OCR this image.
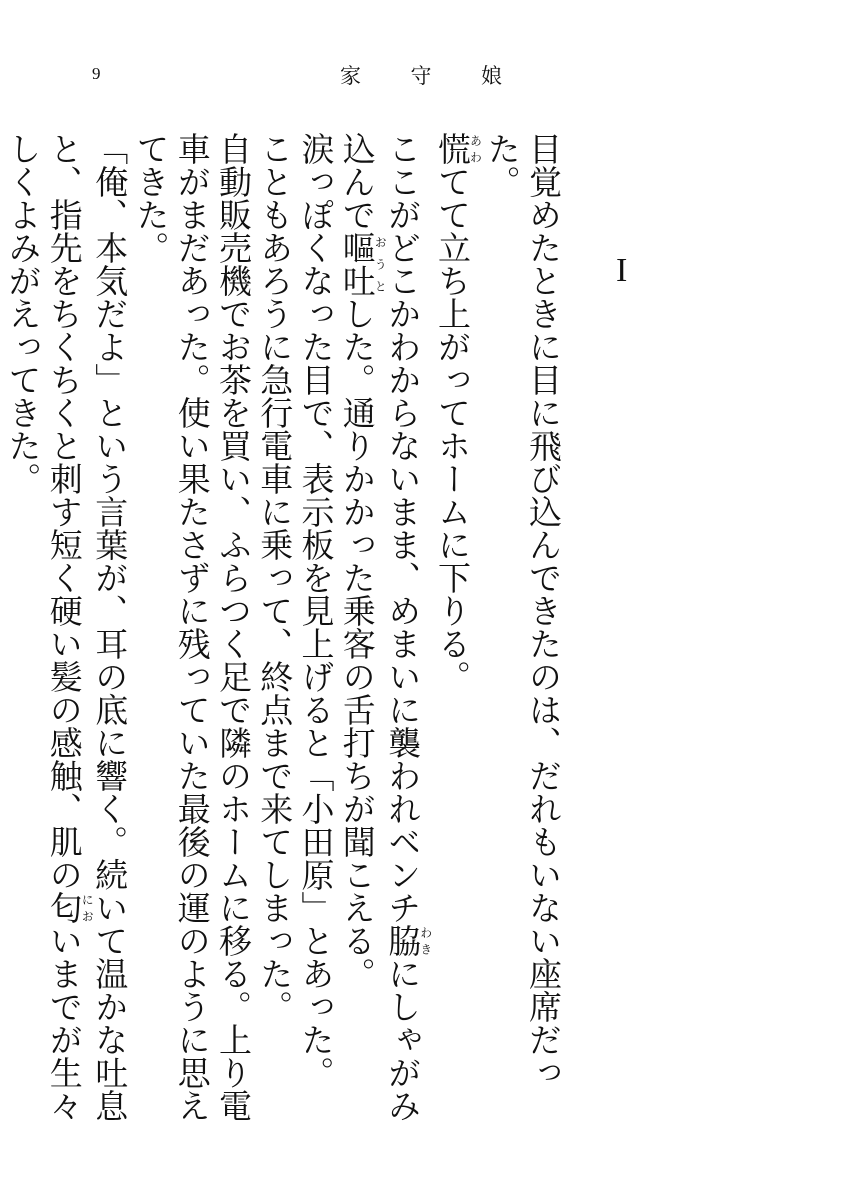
9	家 守 娘
I

目覚めたときに目に飛び込んできたのは、だれもいない座席だった。

慌あわてて立ち上がってホームに下りる。

ここがどこかわからないまま、めまいに襲われベンチ脇わきにしゃがみ込んで嘔吐おうとした。通りかかった乗客の舌打ちが聞こえる。

涙っぽくなった目で、表示板を見上げると「小田原」とあった。

こともあろうに急行電車に乗って、終点まで来てしまった。

自動販売機でお茶を買い、ふらつく足で隣のホームに移る。上り電車がまだあった。使い果たさずに残っていた最後の運のように思えてきた。

「俺、本気だよ」という言葉が、耳の底に響く。続いて温かな吐息と、指先をちくちくと刺す短く硬い髪の感触、肌の匂においまでが生々しくよみがえってきた。
